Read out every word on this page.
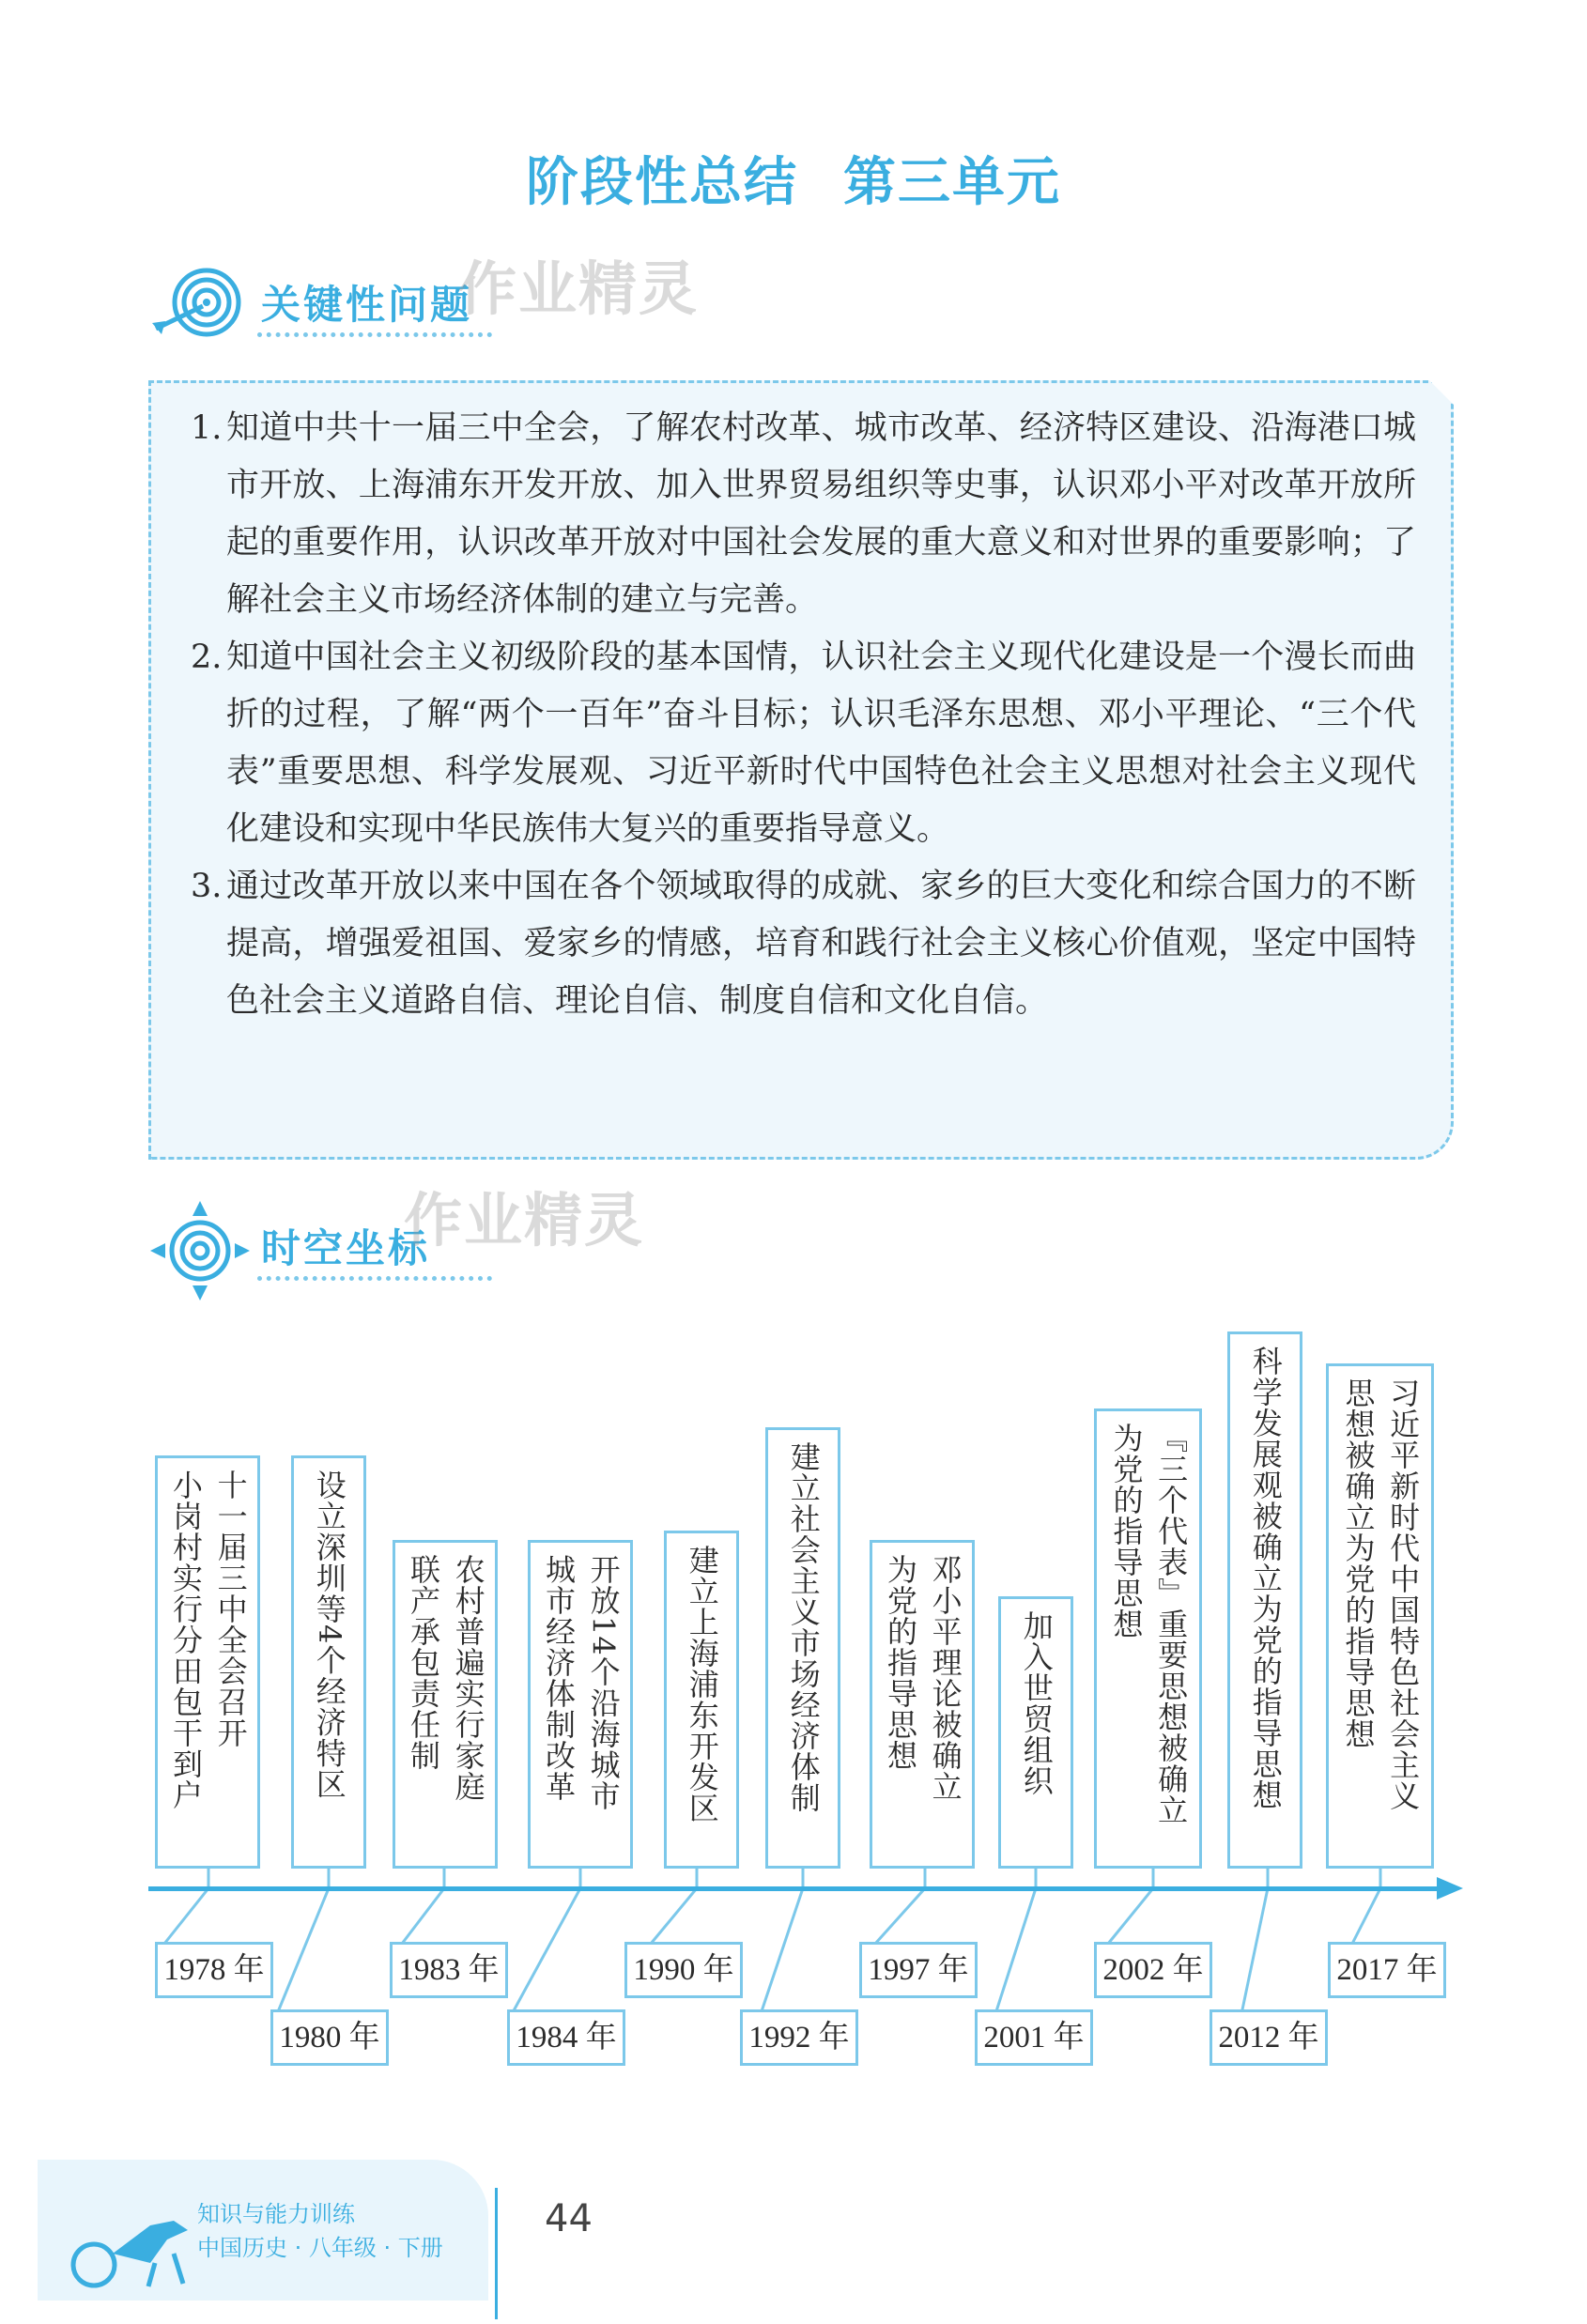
阶段性总结 第三单元
关键性问题
作业精灵
1. 知道中共十一届三中全会，了解农村改革、城市改革、经济特区建设、沿海港口城市开放、上海浦东开发开放、加入世界贸易组织等史事，认识邓小平对改革开放所起的重要作用，认识改革开放对中国社会发展的重大意义和对世界的重要影响；了解社会主义市场经济体制的建立与完善。
2. 知道中国社会主义初级阶段的基本国情，认识社会主义现代化建设是一个漫长而曲折的过程，了解“两个一百年”奋斗目标；认识毛泽东思想、邓小平理论、“三个代表”重要思想、科学发展观、习近平新时代中国特色社会主义思想对社会主义现代化建设和实现中华民族伟大复兴的重要指导意义。
3. 通过改革开放以来中国在各个领域取得的成就、家乡的巨大变化和综合国力的不断提高，增强爱祖国、爱家乡的情感，培育和践行社会主义核心价值观，坚定中国特色社会主义道路自信、理论自信、制度自信和文化自信。
时空坐标
作业精灵
十一届三中全会召开
小岗村实行分田包干到户	设立深圳等4个经济特区	农村普遍实行家庭
联产承包责任制	开放14个沿海城市
城市经济体制改革	建立上海浦东开发区 建立社会主义市场经济体制	邓小平理论被确立
为党的指导思想	加入世贸组织	『三个代表』重要思想被确立
为党的指导思想	科学发展观被确立为党的指导思想	习近平新时代中国特色社会主义
思想被确立为党的指导思想
1978 年
1980 年
1983 年
1984 年
1990 年
1992 年
1997 年
2001 年
2002 年
2012 年
2017 年
知识与能力训练
中国历史 · 八年级 · 下册
44
